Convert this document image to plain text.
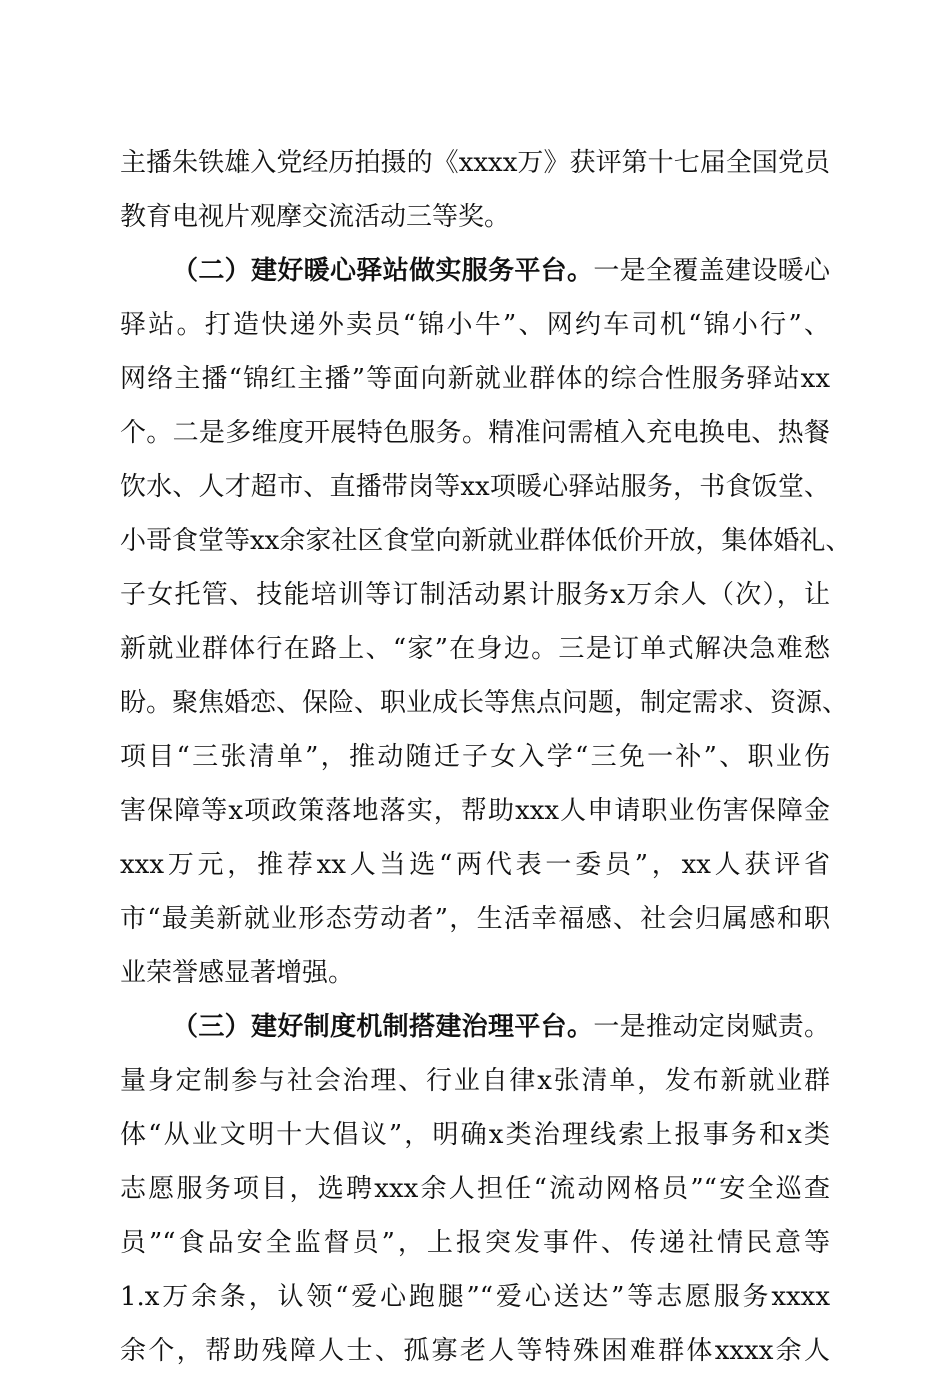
主播朱铁雄入党经历拍摄的《xxxx万》获评第十七届全国党员
教育电视片观摩交流活动三等奖。
（二）建好暖心驿站做实服务平台。一是全覆盖建设暖心
驿站。打造快递外卖员“锦小牛”、网约车司机“锦小行”、
网络主播“锦红主播”等面向新就业群体的综合性服务驿站xx
个。二是多维度开展特色服务。精准问需植入充电换电、热餐
饮水、人才超市、直播带岗等xx项暖心驿站服务，书食饭堂、
小哥食堂等xx余家社区食堂向新就业群体低价开放，集体婚礼、
子女托管、技能培训等订制活动累计服务x万余人（次），让
新就业群体行在路上、“家”在身边。三是订单式解决急难愁
盼。聚焦婚恋、保险、职业成长等焦点问题，制定需求、资源、
项目“三张清单”，推动随迁子女入学“三免一补”、职业伤
害保障等x项政策落地落实，帮助xxx人申请职业伤害保障金
xxx万元，推荐xx人当选“两代表一委员”，xx人获评省
市“最美新就业形态劳动者”，生活幸福感、社会归属感和职
业荣誉感显著增强。
（三）建好制度机制搭建治理平台。一是推动定岗赋责。
量身定制参与社会治理、行业自律x张清单，发布新就业群
体“从业文明十大倡议”，明确x类治理线索上报事务和x类
志愿服务项目，选聘xxx余人担任“流动网格员”“安全巡查
员”“食品安全监督员”，上报突发事件、传递社情民意等
1.x万余条，认领“爱心跑腿”“爱心送达”等志愿服务xxxx
余个，帮助残障人士、孤寡老人等特殊困难群体xxxx余人
